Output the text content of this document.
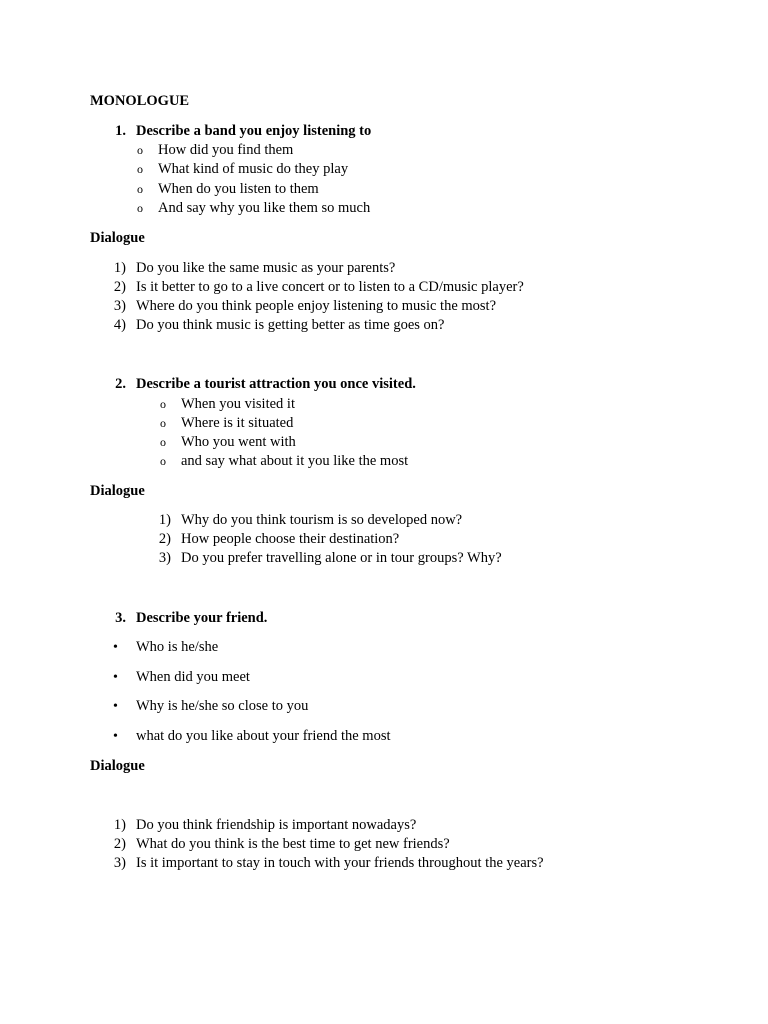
MONOLOGUE
1. Describe a band you enjoy listening to
o How did you find them
o What kind of music do they play
o When do you listen to them
o And say why you like them so much
Dialogue
1) Do you like the same music as your parents?
2) Is it better to go to a live concert or to listen to a CD/music player?
3) Where do you think people enjoy listening to music the most?
4) Do you think music is getting better as time goes on?
2. Describe a tourist attraction you once visited.
o When you visited it
o Where is it situated
o Who you went with
o and say what about it you like the most
Dialogue
1) Why do you think tourism is so developed now?
2) How people choose their destination?
3) Do you prefer travelling alone or in tour groups? Why?
3. Describe your friend.
• Who is he/she
• When did you meet
• Why is he/she so close to you
• what do you like about your friend the most
Dialogue
1) Do you think friendship is important nowadays?
2) What do you think is the best time to get new friends?
3) Is it important to stay in touch with your friends throughout the years?
